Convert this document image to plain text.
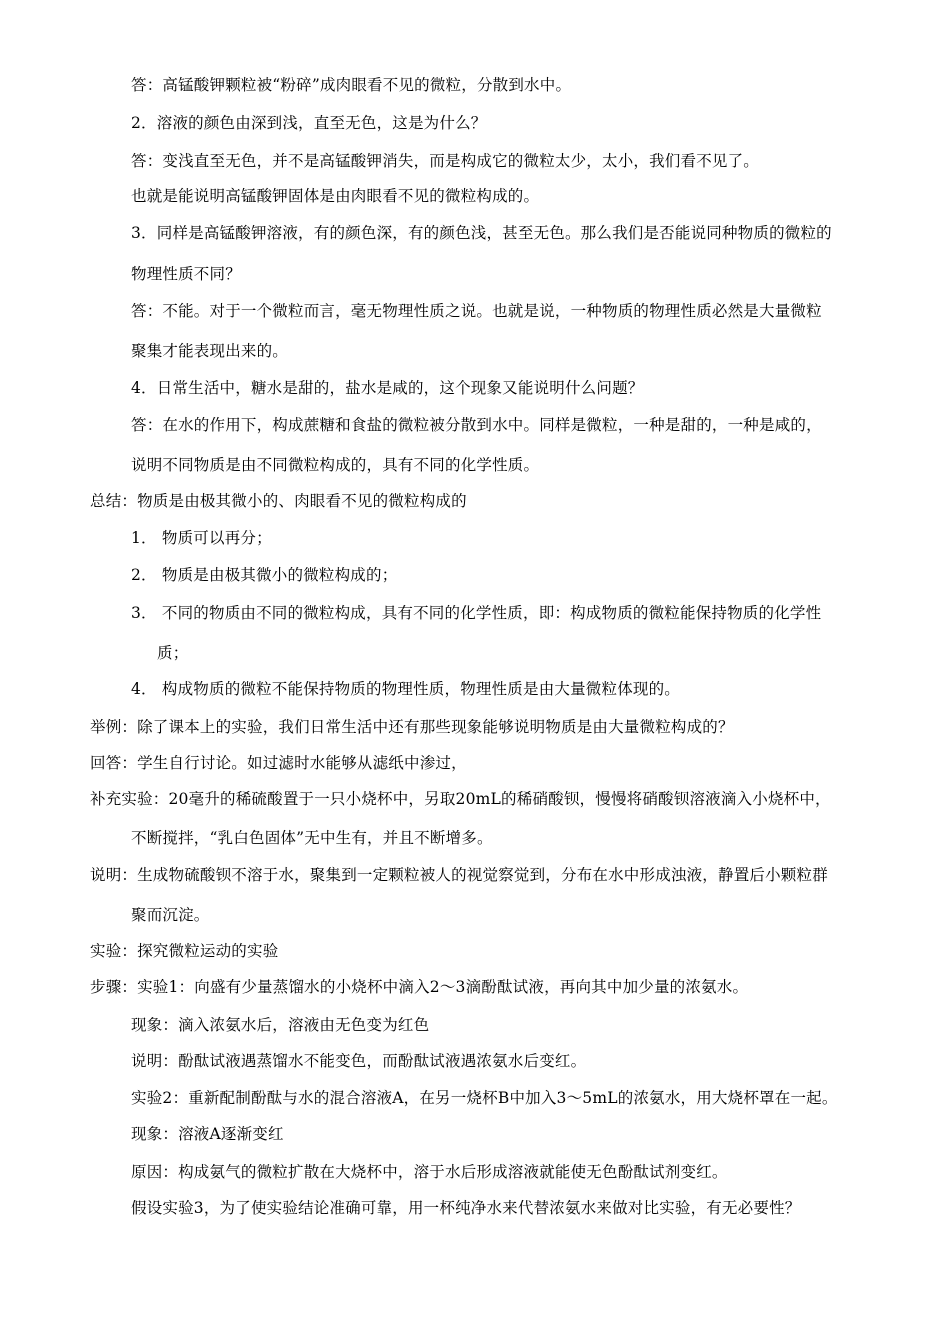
答：高锰酸钾颗粒被“粉碎”成肉眼看不见的微粒，分散到水中。
2．溶液的颜色由深到浅，直至无色，这是为什么？
答：变浅直至无色，并不是高锰酸钾消失，而是构成它的微粒太少，太小，我们看不见了。
也就是能说明高锰酸钾固体是由肉眼看不见的微粒构成的。
3．同样是高锰酸钾溶液，有的颜色深，有的颜色浅，甚至无色。那么我们是否能说同种物质的微粒的
物理性质不同？
答：不能。对于一个微粒而言，毫无物理性质之说。也就是说，一种物质的物理性质必然是大量微粒
聚集才能表现出来的。
4．日常生活中，糖水是甜的，盐水是咸的，这个现象又能说明什么问题？
答：在水的作用下，构成蔗糖和食盐的微粒被分散到水中。同样是微粒，一种是甜的，一种是咸的，
说明不同物质是由不同微粒构成的，具有不同的化学性质。
总结：物质是由极其微小的、肉眼看不见的微粒构成的
1． 物质可以再分；
2． 物质是由极其微小的微粒构成的；
3． 不同的物质由不同的微粒构成，具有不同的化学性质，即：构成物质的微粒能保持物质的化学性
质；
4． 构成物质的微粒不能保持物质的物理性质，物理性质是由大量微粒体现的。
举例：除了课本上的实验，我们日常生活中还有那些现象能够说明物质是由大量微粒构成的？
回答：学生自行讨论。如过滤时水能够从滤纸中渗过，
补充实验：20毫升的稀硫酸置于一只小烧杯中，另取20mL的稀硝酸钡，慢慢将硝酸钡溶液滴入小烧杯中，
不断搅拌，“乳白色固体”无中生有，并且不断增多。
说明：生成物硫酸钡不溶于水，聚集到一定颗粒被人的视觉察觉到，分布在水中形成浊液，静置后小颗粒群
聚而沉淀。
实验：探究微粒运动的实验
步骤：实验1：向盛有少量蒸馏水的小烧杯中滴入2～3滴酚酞试液，再向其中加少量的浓氨水。
现象：滴入浓氨水后，溶液由无色变为红色
说明：酚酞试液遇蒸馏水不能变色，而酚酞试液遇浓氨水后变红。
实验2：重新配制酚酞与水的混合溶液A，在另一烧杯B中加入3～5mL的浓氨水，用大烧杯罩在一起。
现象：溶液A逐渐变红
原因：构成氨气的微粒扩散在大烧杯中，溶于水后形成溶液就能使无色酚酞试剂变红。
假设实验3，为了使实验结论准确可靠，用一杯纯净水来代替浓氨水来做对比实验，有无必要性？
